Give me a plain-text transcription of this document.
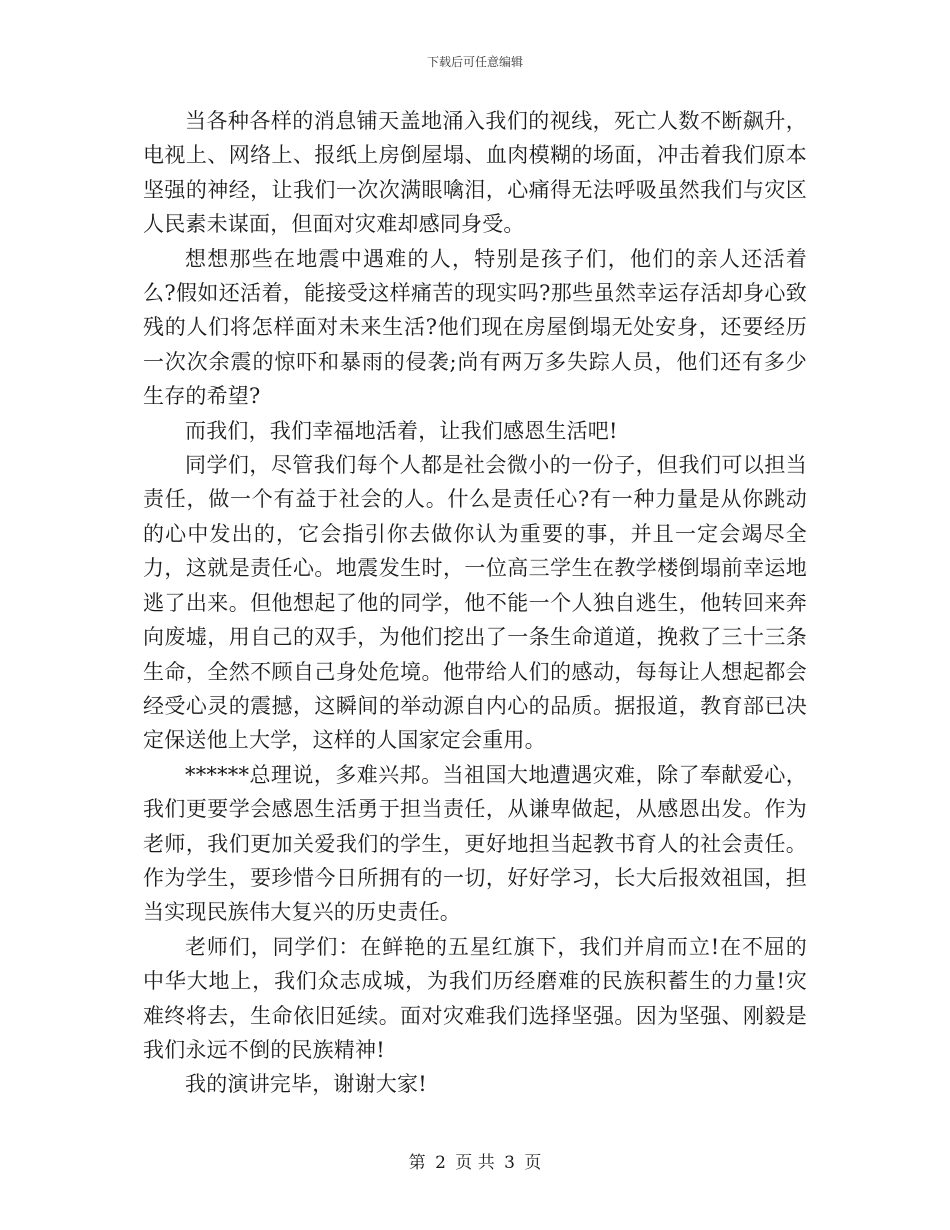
下载后可任意编辑

当各种各样的消息铺天盖地涌入我们的视线，死亡人数不断飙升，电视上、网络上、报纸上房倒屋塌、血肉模糊的场面，冲击着我们原本坚强的神经，让我们一次次满眼噙泪，心痛得无法呼吸虽然我们与灾区人民素未谋面，但面对灾难却感同身受。

想想那些在地震中遇难的人，特别是孩子们，他们的亲人还活着么?假如还活着，能接受这样痛苦的现实吗?那些虽然幸运存活却身心致残的人们将怎样面对未来生活?他们现在房屋倒塌无处安身，还要经历一次次余震的惊吓和暴雨的侵袭;尚有两万多失踪人员，他们还有多少生存的希望?

而我们，我们幸福地活着，让我们感恩生活吧!

同学们，尽管我们每个人都是社会微小的一份子，但我们可以担当责任，做一个有益于社会的人。什么是责任心?有一种力量是从你跳动的心中发出的，它会指引你去做你认为重要的事，并且一定会竭尽全力，这就是责任心。地震发生时，一位高三学生在教学楼倒塌前幸运地逃了出来。但他想起了他的同学，他不能一个人独自逃生，他转回来奔向废墟，用自己的双手，为他们挖出了一条生命道道，挽救了三十三条生命，全然不顾自己身处危境。他带给人们的感动，每每让人想起都会经受心灵的震撼，这瞬间的举动源自内心的品质。据报道，教育部已决定保送他上大学，这样的人国家定会重用。

******总理说，多难兴邦。当祖国大地遭遇灾难，除了奉献爱心，我们更要学会感恩生活勇于担当责任，从谦卑做起，从感恩出发。作为老师，我们更加关爱我们的学生，更好地担当起教书育人的社会责任。作为学生，要珍惜今日所拥有的一切，好好学习，长大后报效祖国，担当实现民族伟大复兴的历史责任。

老师们，同学们：在鲜艳的五星红旗下，我们并肩而立!在不屈的中华大地上，我们众志成城，为我们历经磨难的民族积蓄生的力量!灾难终将去，生命依旧延续。面对灾难我们选择坚强。因为坚强、刚毅是我们永远不倒的民族精神!

我的演讲完毕，谢谢大家!

第 2 页 共 3 页
